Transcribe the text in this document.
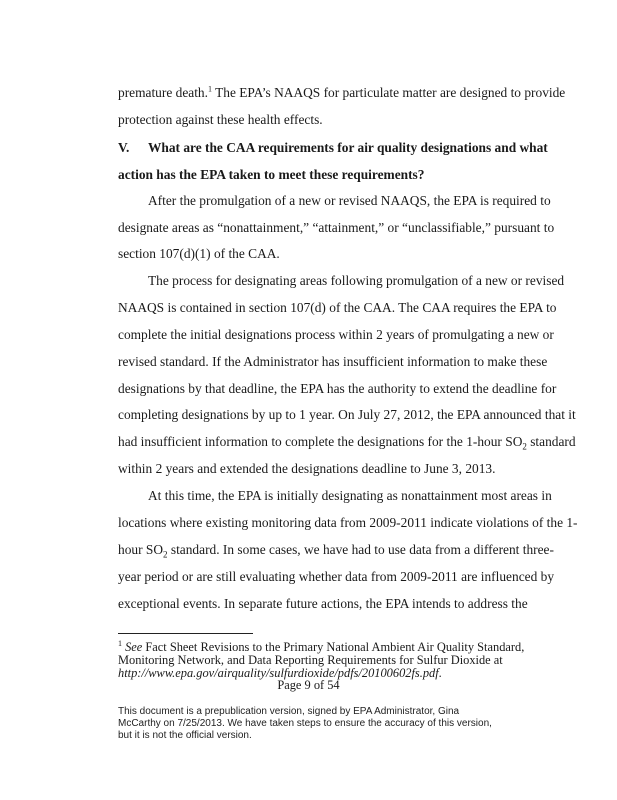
premature death.$^1$ The EPA’s NAAQS for particulate matter are designed to provide
protection against these health effects.
V. What are the CAA requirements for air quality designations and what
action has the EPA taken to meet these requirements?
After the promulgation of a new or revised NAAQS, the EPA is required to
designate areas as “nonattainment,” “attainment,” or “unclassifiable,” pursuant to
section 107(d)(1) of the CAA.
The process for designating areas following promulgation of a new or revised
NAAQS is contained in section 107(d) of the CAA. The CAA requires the EPA to
complete the initial designations process within 2 years of promulgating a new or
revised standard. If the Administrator has insufficient information to make these
designations by that deadline, the EPA has the authority to extend the deadline for
completing designations by up to 1 year. On July 27, 2012, the EPA announced that it
had insufficient information to complete the designations for the 1-hour $SO_2$ standard
within 2 years and extended the designations deadline to June 3, 2013.
At this time, the EPA is initially designating as nonattainment most areas in
locations where existing monitoring data from 2009-2011 indicate violations of the 1-
hour $SO_2$ standard. In some cases, we have had to use data from a different three-
year period or are still evaluating whether data from 2009-2011 are influenced by
exceptional events. In separate future actions, the EPA intends to address the
$^1$ See Fact Sheet Revisions to the Primary National Ambient Air Quality Standard,
Monitoring Network, and Data Reporting Requirements for Sulfur Dioxide at
http://www.epa.gov/airquality/sulfurdioxide/pdfs/20100602fs.pdf.
Page 9 of 54
This document is a prepublication version, signed by EPA Administrator, Gina McCarthy on 7/25/2013. We have taken steps to ensure the accuracy of this version, but it is not the official version.
